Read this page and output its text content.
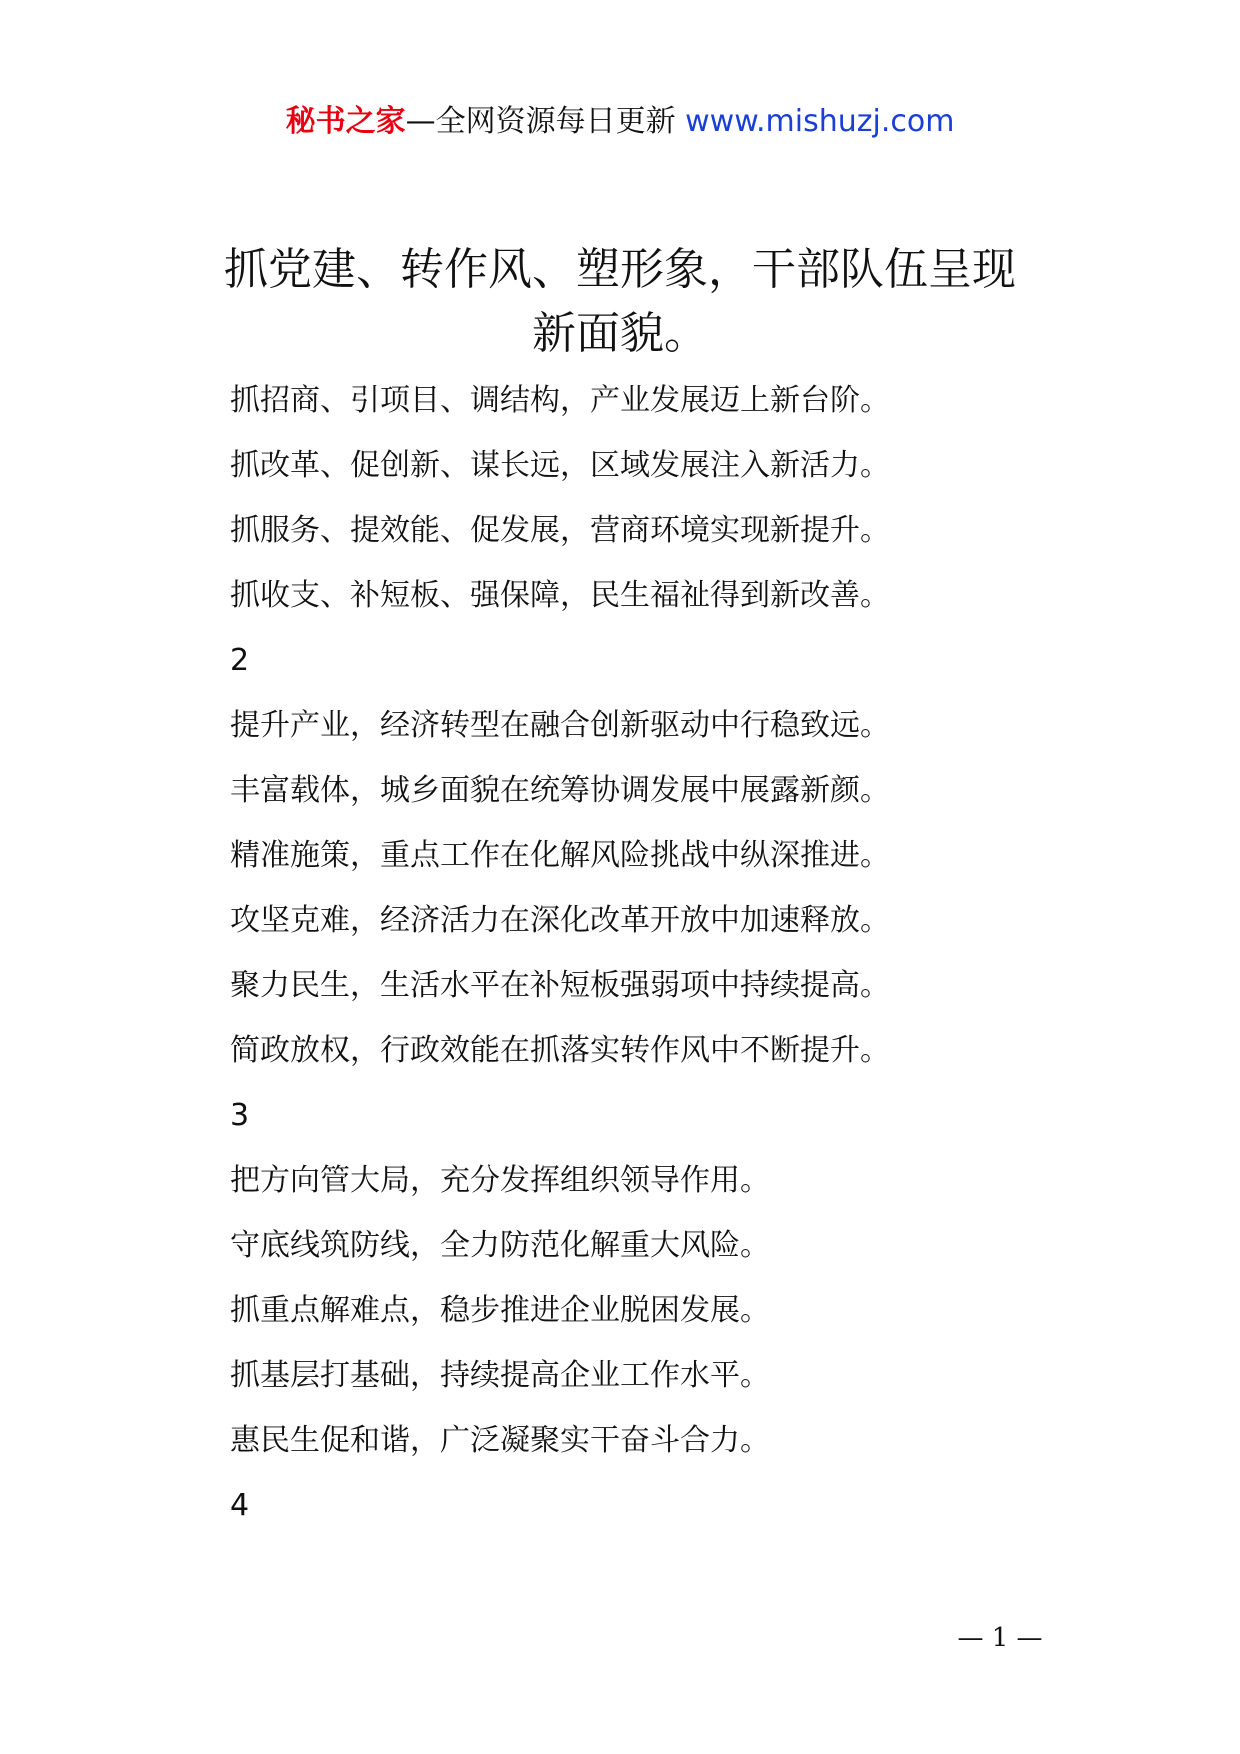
秘书之家—全网资源每日更新 www.mishuzj.com
抓党建、转作风、塑形象，干部队伍呈现
新面貌。
抓招商、引项目、调结构，产业发展迈上新台阶。
抓改革、促创新、谋长远，区域发展注入新活力。
抓服务、提效能、促发展，营商环境实现新提升。
抓收支、补短板、强保障，民生福祉得到新改善。
2
提升产业，经济转型在融合创新驱动中行稳致远。
丰富载体，城乡面貌在统筹协调发展中展露新颜。
精准施策，重点工作在化解风险挑战中纵深推进。
攻坚克难，经济活力在深化改革开放中加速释放。
聚力民生，生活水平在补短板强弱项中持续提高。
简政放权，行政效能在抓落实转作风中不断提升。
3
把方向管大局，充分发挥组织领导作用。
守底线筑防线，全力防范化解重大风险。
抓重点解难点，稳步推进企业脱困发展。
抓基层打基础，持续提高企业工作水平。
惠民生促和谐，广泛凝聚实干奋斗合力。
4
— 1 —
